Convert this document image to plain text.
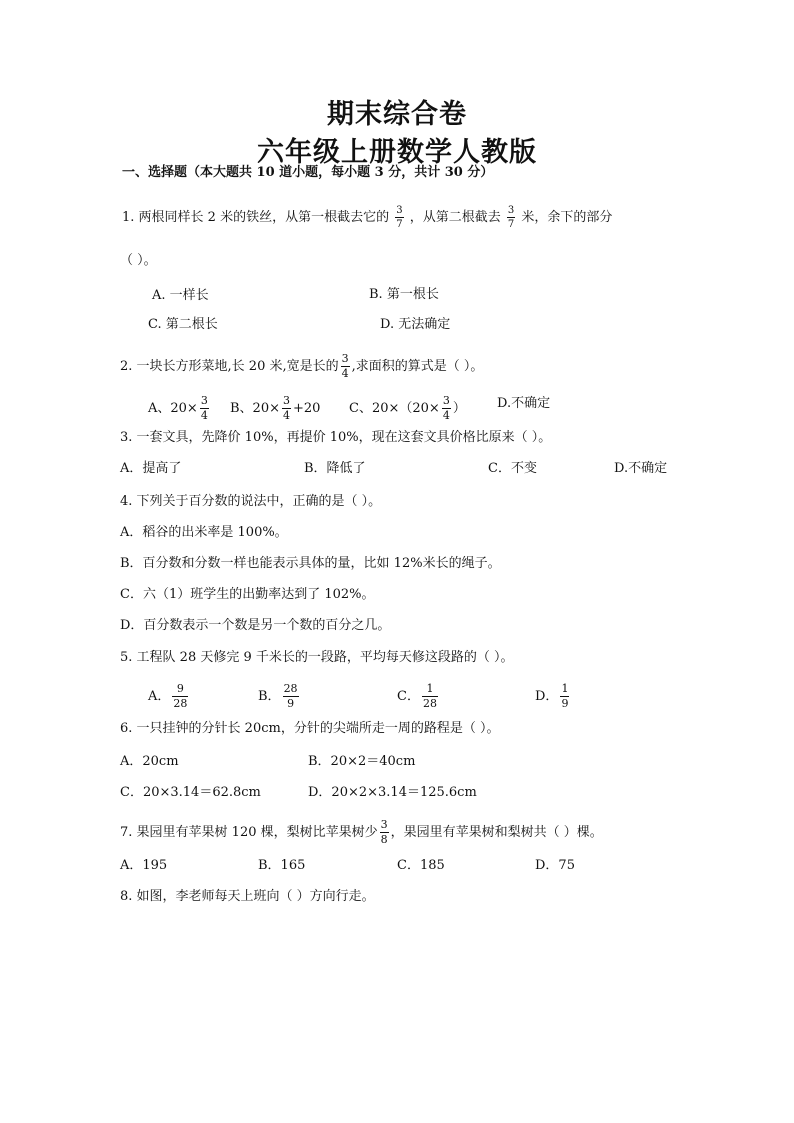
期末综合卷
六年级上册数学人教版
一、选择题（本大题共 10 道小题，每小题 3 分，共计 30 分）
1. 两根同样长 2 米的铁丝，从第一根截去它的 $\frac{3}{7}$ ，从第二根截去 $\frac{3}{7}$ 米，余下的部分
（ ）。
A. 一样长	B. 第一根长
C. 第二根长	D. 无法确定
2. 一块长方形菜地,长 20 米,宽是长的 $\frac{3}{4}$ ,求面积的算式是（ ）。
A、$20\times \frac{3}{4}$ B、$20\times \frac{3}{4} +20$ C、$20\times(20\times \frac{3}{4}$ ） D.不确定
3. 一套文具，先降价 10%，再提价 10%，现在这套文具价格比原来（ ）。
A．提高了	B．降低了	C．不变	D.不确定
4. 下列关于百分数的说法中，正确的是（ ）。
A．稻谷的出米率是 100%。
B．百分数和分数一样也能表示具体的量，比如 12%米长的绳子。
C．六（1）班学生的出勤率达到了 102%。
D．百分数表示一个数是另一个数的百分之几。
5. 工程队 28 天修完 9 千米长的一段路，平均每天修这段路的（ ）。
A． $\frac{9}{28}$	B． $\frac{28}{9}$	C． $\frac{1}{28}$	D． $\frac{1}{9}$
6. 一只挂钟的分针长 20cm，分针的尖端所走一周的路程是（ ）。
A．20cm	B．20×2＝40cm
C．20×3.14＝62.8cm	D．20×2×3.14＝125.6cm
7. 果园里有苹果树 120 棵，梨树比苹果树少 $\frac{3}{8}$ ，果园里有苹果树和梨树共（ ）棵。
A．195	B．165	C．185	D．75
8. 如图，李老师每天上班向（ ）方向行走。
